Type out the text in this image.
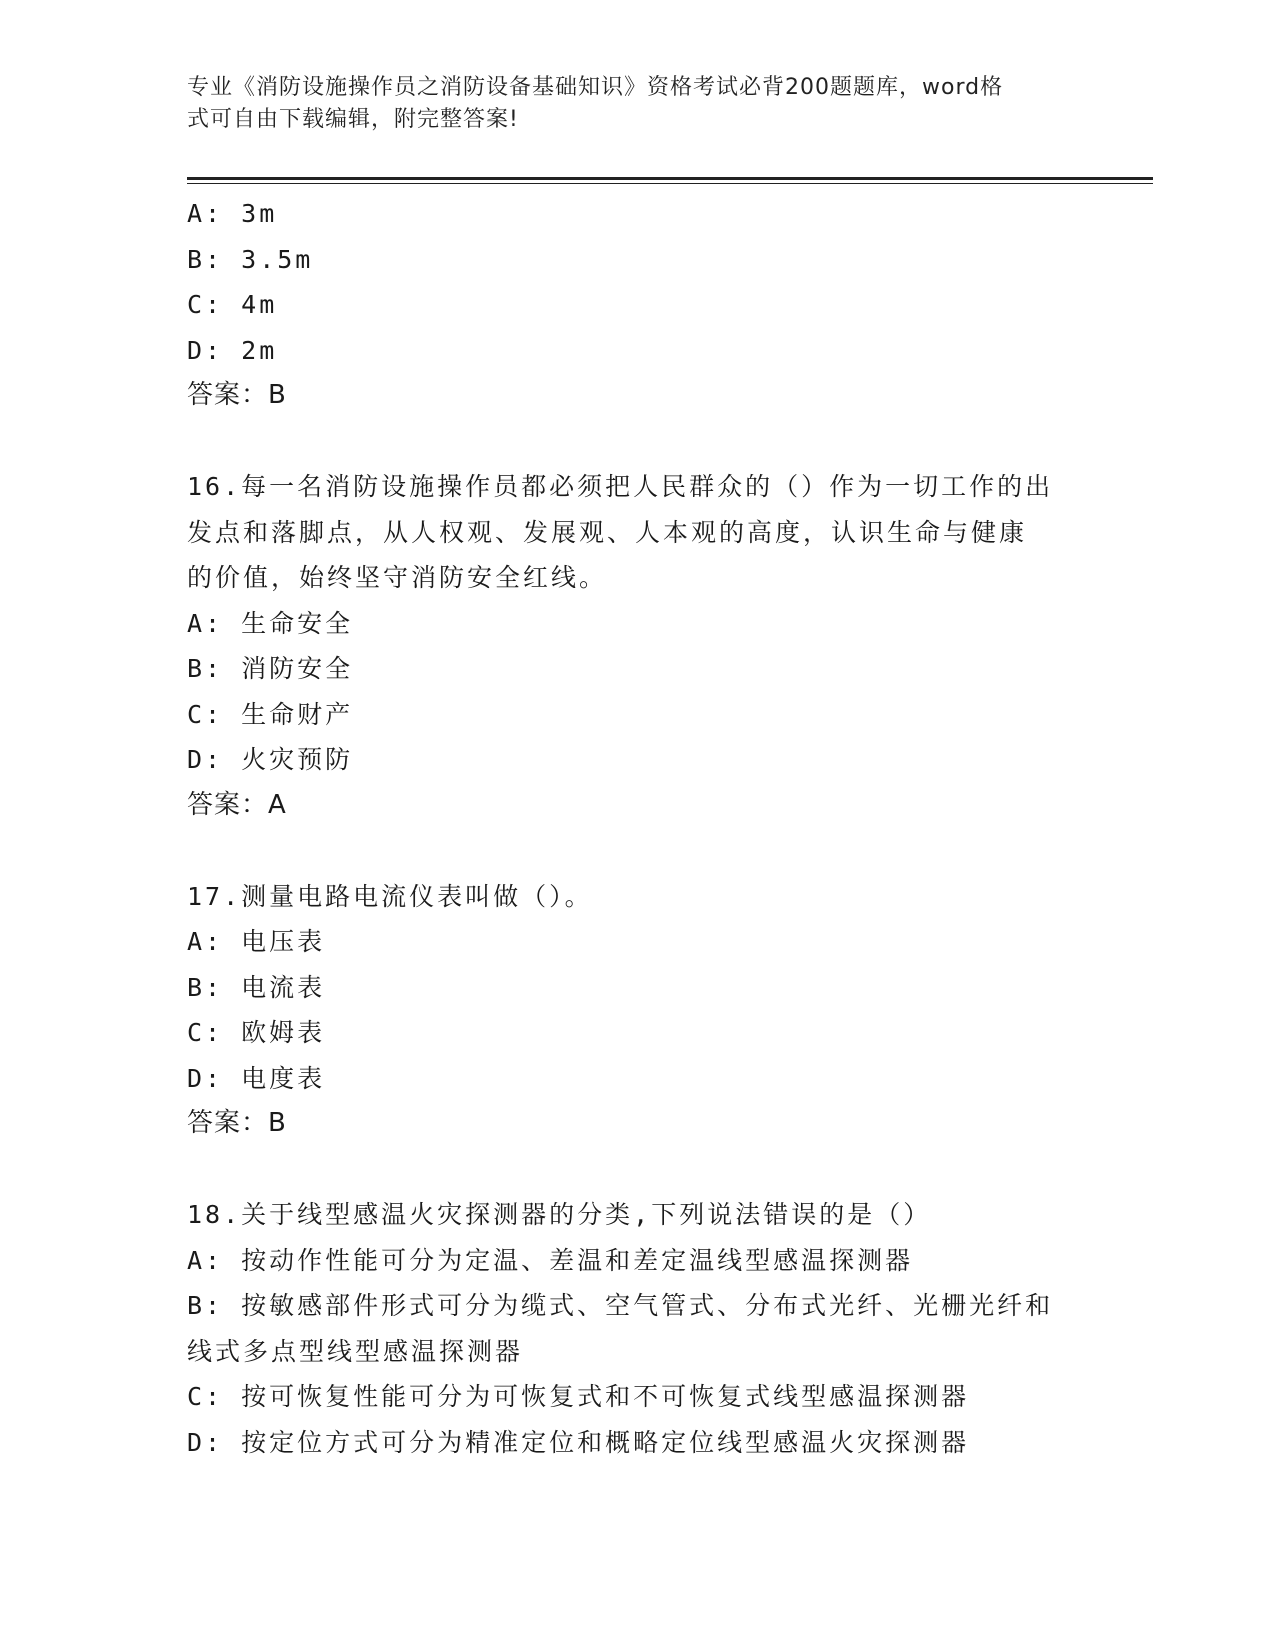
专业《消防设施操作员之消防设备基础知识》资格考试必背200题题库，word格
式可自由下载编辑，附完整答案!
A: 3m
B: 3.5m
C: 4m
D: 2m
答案：B
16.每一名消防设施操作员都必须把人民群众的（）作为一切工作的出
发点和落脚点，从人权观、发展观、人本观的高度，认识生命与健康
的价值，始终坚守消防安全红线。
A: 生命安全
B: 消防安全
C: 生命财产
D: 火灾预防
答案：A
17.测量电路电流仪表叫做（）。
A: 电压表
B: 电流表
C: 欧姆表
D: 电度表
答案：B
18.关于线型感温火灾探测器的分类,下列说法错误的是（）
A: 按动作性能可分为定温、差温和差定温线型感温探测器
B: 按敏感部件形式可分为缆式、空气管式、分布式光纤、光栅光纤和
线式多点型线型感温探测器
C: 按可恢复性能可分为可恢复式和不可恢复式线型感温探测器
D: 按定位方式可分为精准定位和概略定位线型感温火灾探测器
